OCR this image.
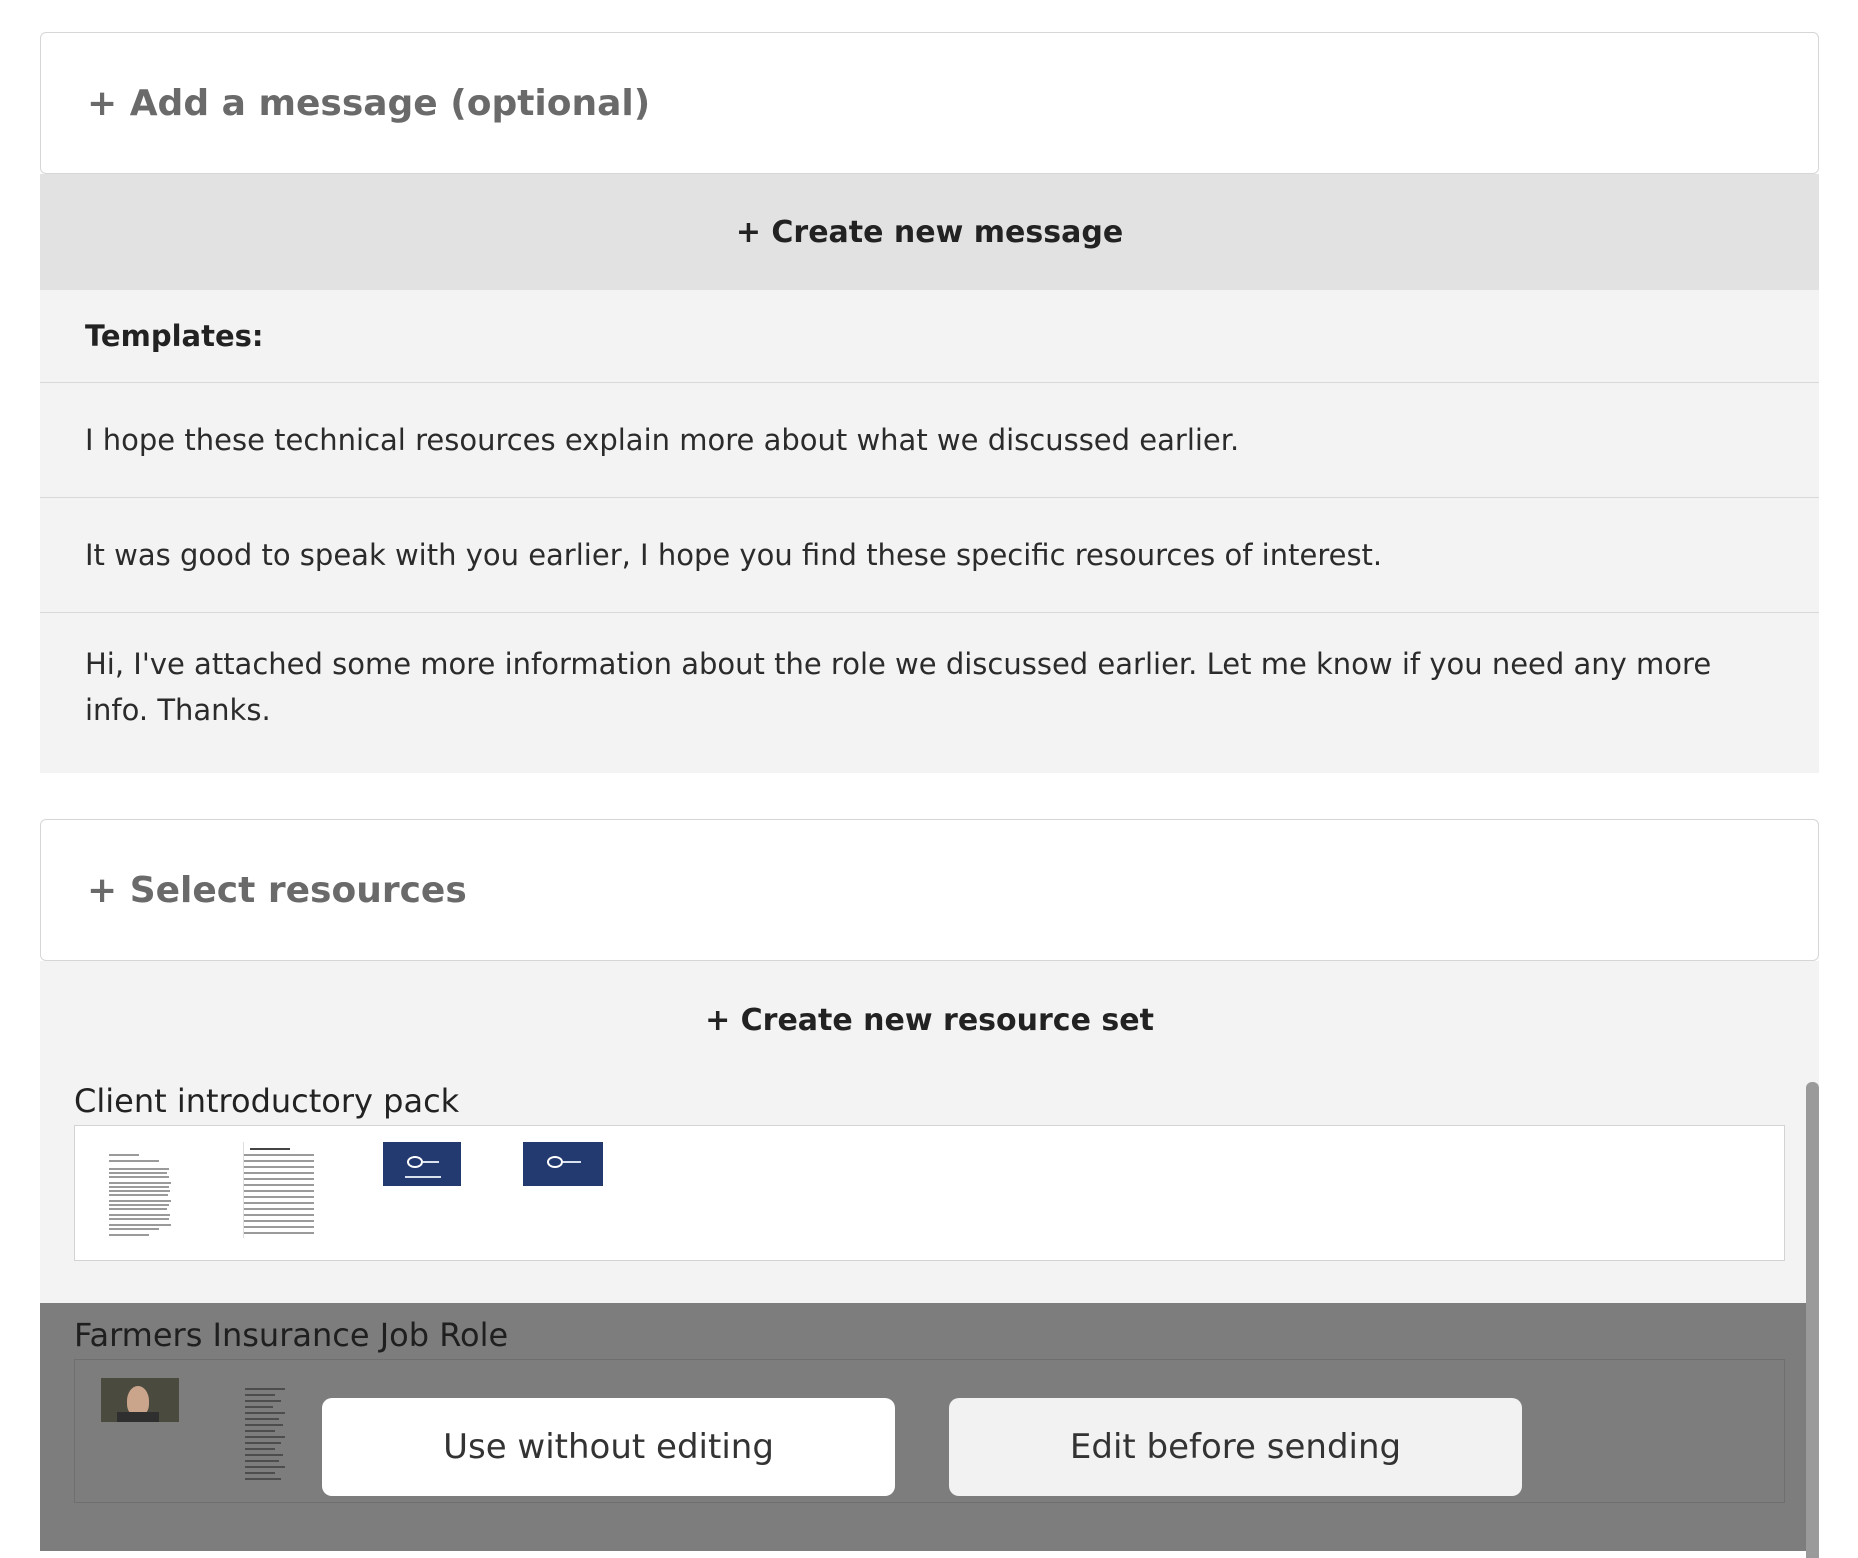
+ Add a message (optional)
+ Create new message
Templates:
I hope these technical resources explain more about what we discussed earlier.
It was good to speak with you earlier, I hope you find these specific resources of interest.
Hi, I've attached some more information about the role we discussed earlier. Let me know if you need any more info. Thanks.
+ Select resources
+ Create new resource set
Client introductory pack
Farmers Insurance Job Role
Use without editing	Edit before sending
